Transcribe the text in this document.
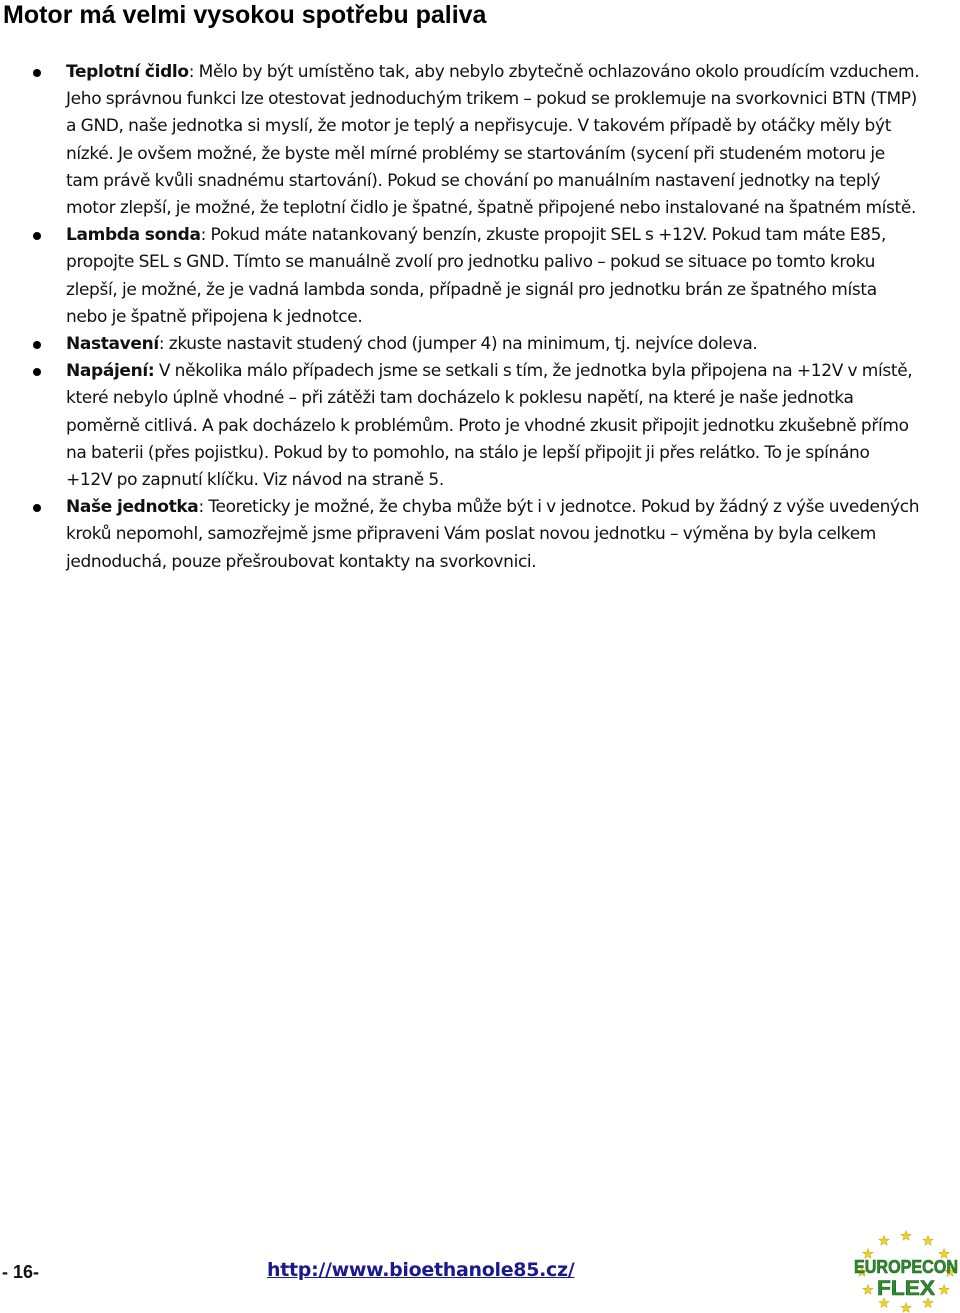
Motor má velmi vysokou spotřebu paliva
Teplotní čidlo: Mělo by být umístěno tak, aby nebylo zbytečně ochlazováno okolo proudícím vzduchem. Jeho správnou funkci lze otestovat jednoduchým trikem – pokud se proklemuje na svorkovnici BTN (TMP) a GND, naše jednotka si myslí, že motor je teplý a nepřisycuje. V takovém případě by otáčky měly být nízké. Je ovšem možné, že byste měl mírné problémy se startováním (sycení při studeném motoru je tam právě kvůli snadnému startování). Pokud se chování po manuálním nastavení jednotky na teplý motor zlepší, je možné, že teplotní čidlo je špatné, špatně připojené nebo instalované na špatném místě.
Lambda sonda: Pokud máte natankovaný benzín, zkuste propojit SEL s +12V. Pokud tam máte E85, propojte SEL s GND. Tímto se manuálně zvolí pro jednotku palivo – pokud se situace po tomto kroku zlepší, je možné, že je vadná lambda sonda, případně je signál pro jednotku brán ze špatného místa nebo je špatně připojena k jednotce.
Nastavení: zkuste nastavit studený chod (jumper 4) na minimum, tj. nejvíce doleva.
Napájení: V několika málo případech jsme se setkali s tím, že jednotka byla připojena na +12V v místě, které nebylo úplně vhodné – při zátěži tam docházelo k poklesu napětí, na které je naše jednotka poměrně citlivá. A pak docházelo k problémům. Proto je vhodné zkusit připojit jednotku zkušebně přímo na baterii (přes pojistku). Pokud by to pomohlo, na stálo je lepší připojit ji přes relátko. To je spínáno +12V po zapnutí klíčku. Viz návod na straně 5.
Naše jednotka: Teoreticky je možné, že chyba může být i v jednotce. Pokud by žádný z výše uvedených kroků nepomohl, samozřejmě jsme připraveni Vám poslat novou jednotku – výměna by byla celkem jednoduchá, pouze přešroubovat kontakty na svorkovnici.
- 16-	http://www.bioethanole85.cz/	EUROPECON
FLEX
